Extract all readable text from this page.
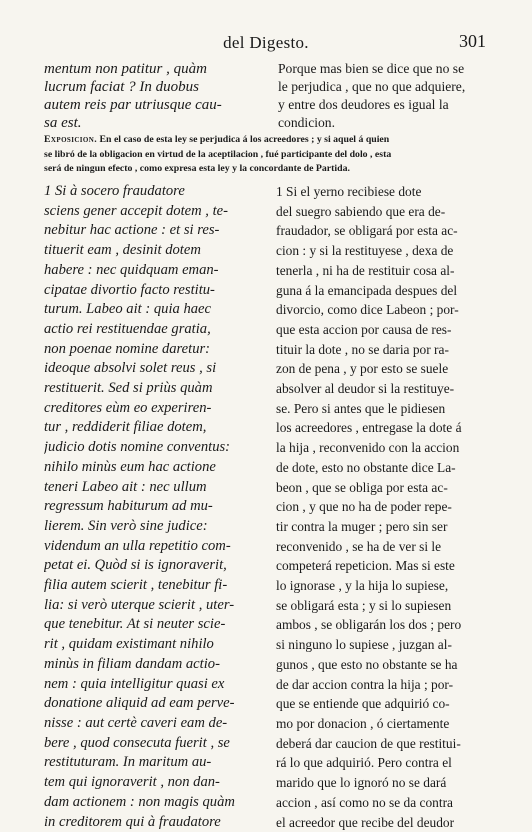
del Digesto.	301
mentum non patitur , quàm
lucrum faciat ? In duobus
autem reis par utriusque cau-
sa est.
Porque mas bien se dice que no se
le perjudica , que no que adquiere,
y entre dos deudores es igual la
condicion.
Exposicion. En el caso de esta ley se perjudica á los acreedores ; y si aquel á quien
se libró de la obligacion en virtud de la aceptilacion , fué participante del dolo , esta
será de ningun efecto , como expresa esta ley y la concordante de Partida.
1 Si à socero fraudatore
sciens gener accepit dotem , te-
nebitur hac actione : et si res-
tituerit eam , desinit dotem
habere : nec quidquam eman-
cipatae divortio facto restitu-
turum. Labeo ait : quia haec
actio rei restituendae gratia,
non poenae nomine daretur:
ideoque absolvi solet reus , si
restituerit. Sed si priùs quàm
creditores eùm eo experiren-
tur , reddiderit filiae dotem,
judicio dotis nomine conventus:
nihilo minùs eum hac actione
teneri Labeo ait : nec ullum
regressum habiturum ad mu-
lierem. Sin verò sine judice:
videndum an ulla repetitio com-
petat ei. Quòd si is ignoraverit,
filia autem scierit , tenebitur fi-
lia: si verò uterque scierit , uter-
que tenebitur. At si neuter scie-
rit , quidam existimant nihilo
minùs in filiam dandam actio-
nem : quia intelligitur quasi ex
donatione aliquid ad eam perve-
nisse : aut certè caveri eam de-
bere , quod consecuta fuerit , se
restituturam. In maritum au-
tem qui ignoraverit , non dan-
dam actionem : non magis quàm
in creditorem qui à fraudatore
1 Si el yerno recibiese dote
del suegro sabiendo que era de-
fraudador, se obligará por esta ac-
cion : y si la restituyese , dexa de
tenerla , ni ha de restituir cosa al-
guna á la emancipada despues del
divorcio, como dice Labeon ; por-
que esta accion por causa de res-
tituir la dote , no se daria por ra-
zon de pena , y por esto se suele
absolver al deudor si la restituye-
se. Pero si antes que le pidiesen
los acreedores , entregase la dote á
la hija , reconvenido con la accion
de dote, esto no obstante dice La-
beon , que se obliga por esta ac-
cion , y que no ha de poder repe-
tir contra la muger ; pero sin ser
reconvenido , se ha de ver si le
competerá repeticion. Mas si este
lo ignorase , y la hija lo supiese,
se obligará esta ; y si lo supiesen
ambos , se obligarán los dos ; pero
si ninguno lo supiese , juzgan al-
gunos , que esto no obstante se ha
de dar accion contra la hija ; por-
que se entiende que adquirió co-
mo por donacion , ó ciertamente
deberá dar caucion de que restitui-
rá lo que adquirió. Pero contra el
marido que lo ignoró no se dará
accion , así como no se da contra
el acreedor que recibe del deudor
